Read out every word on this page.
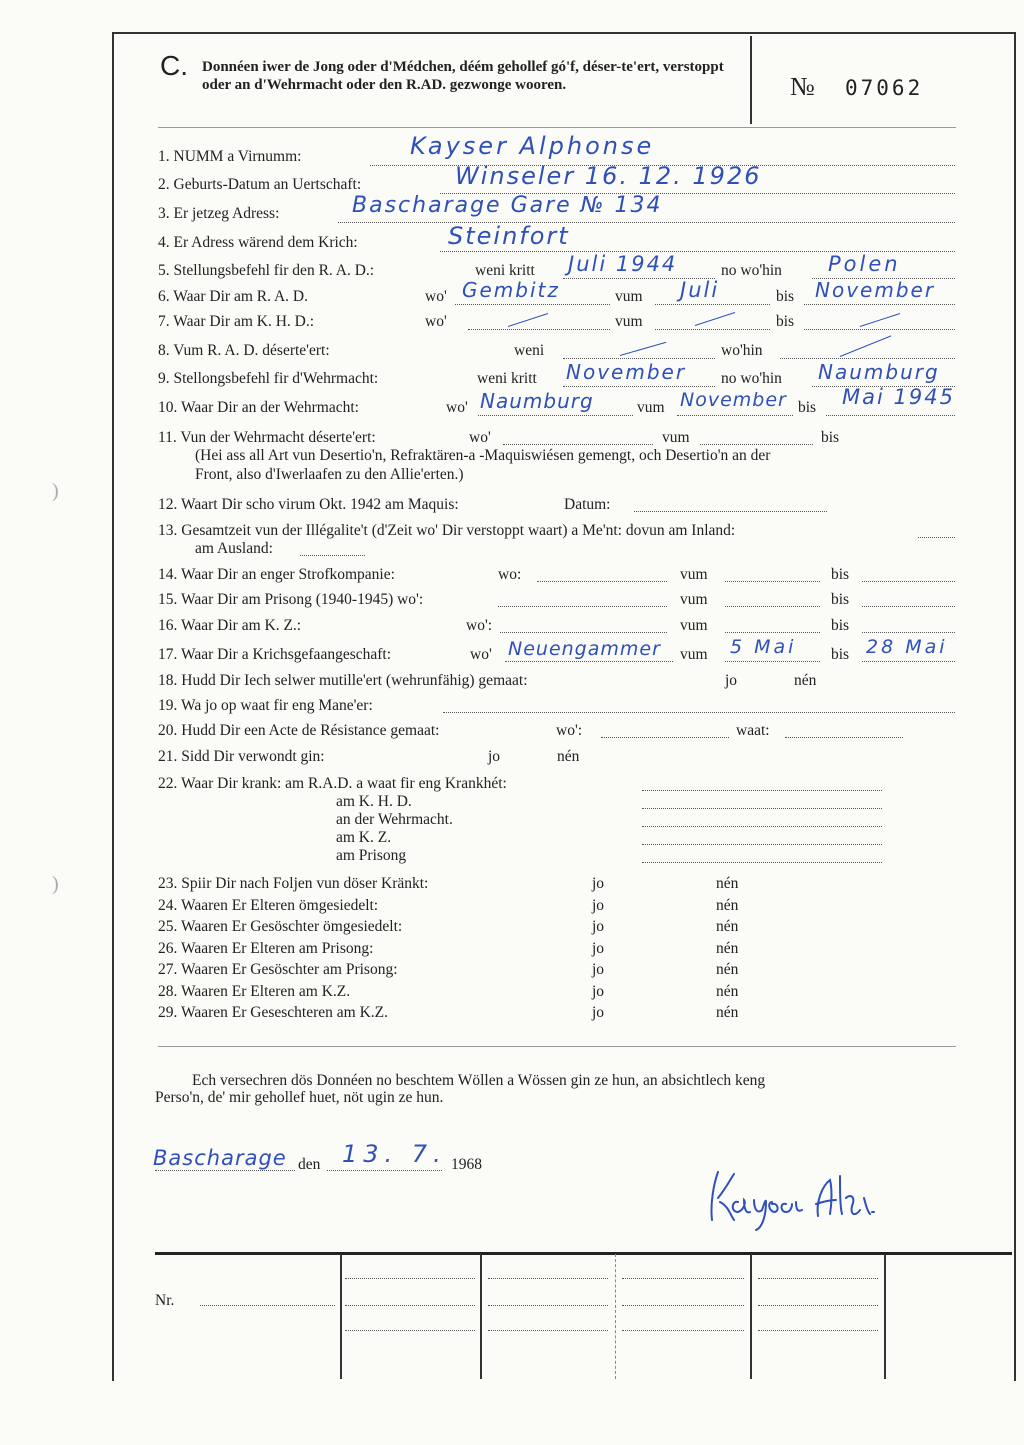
)
)
C. Donnéen iwer de Jong oder d'Médchen, déém gehollef gó'f, déser-te'ert, verstoppt oder an d'Wehrmacht oder den R.AD. gezwonge wooren.	№ 07062
1. NUMM a Virnumm:	Kayser Alphonse
2. Geburts-Datum an Uertschaft:	Winseler 16. 12. 1926
3. Er jetzeg Adress:	Bascharage Gare № 134
4. Er Adress wärend dem Krich:	Steinfort
5. Stellungsbefehl fir den R. A. D.:	weni kritt Juli 1944	no wo'hin Polen
6. Waar Dir am R. A. D.	wo' Gembitz	vum Juli	bis November
7. Waar Dir am K. H. D.:	wo'	vum	bis
8. Vum R. A. D. déserte'ert:	weni	wo'hin
9. Stellongsbefehl fir d'Wehrmacht:	weni kritt November no wo'hin Naumburg
10. Waar Dir an der Wehrmacht:	wo' Naumburg	vum November bis Mai 1945
11. Vun der Wehrmacht déserte'ert:	wo'	vum	bis
(Hei ass all Art vun Desertio'n, Refraktären-a -Maquiswiésen gemengt, och Desertio'n an der
Front, also d'Iwerlaafen zu den Allie'erten.)
12. Waart Dir scho virum Okt. 1942 am Maquis:	Datum:
13. Gesamtzeit vun der Illégalite't (d'Zeit wo' Dir verstoppt waart) a Me'nt: dovun am Inland:
am Ausland:
14. Waar Dir an enger Strofkompanie:	wo:	vum	bis
15. Waar Dir am Prisong (1940-1945) wo':	vum	bis
16. Waar Dir am K. Z.:	wo':	vum	bis
17. Waar Dir a Krichsgefaangeschaft:	wo' Neuengammer vum 5 Mai bis 28 Mai
18. Hudd Dir Iech selwer mutille'ert (wehrunfähig) gemaat:	jo	nén
19. Wa jo op waat fir eng Mane'er:
20. Hudd Dir een Acte de Résistance gemaat:	wo':	waat:
21. Sidd Dir verwondt gin:	jo	nén
22. Waar Dir krank: am R.A.D. a waat fir eng Krankhét:
am K. H. D.
an der Wehrmacht.
am K. Z.
am Prisong
23. Spiir Dir nach Foljen vun döser Kränkt:	jo	nén
24. Waaren Er Elteren ömgesiedelt:	jo	nén
25. Waaren Er Gesöschter ömgesiedelt:	jo	nén
26. Waaren Er Elteren am Prisong:	jo	nén
27. Waaren Er Gesöschter am Prisong:	jo	nén
28. Waaren Er Elteren am K.Z.	jo	nén
29. Waaren Er Geseschteren am K.Z.	jo	nén
Ech versechren dös Donnéen no beschtem Wöllen a Wössen gin ze hun, an absichtlech keng
Perso'n, de' mir gehollef huet, nöt ugin ze hun.
Bascharage den 13. 7. 1968
Nr.
